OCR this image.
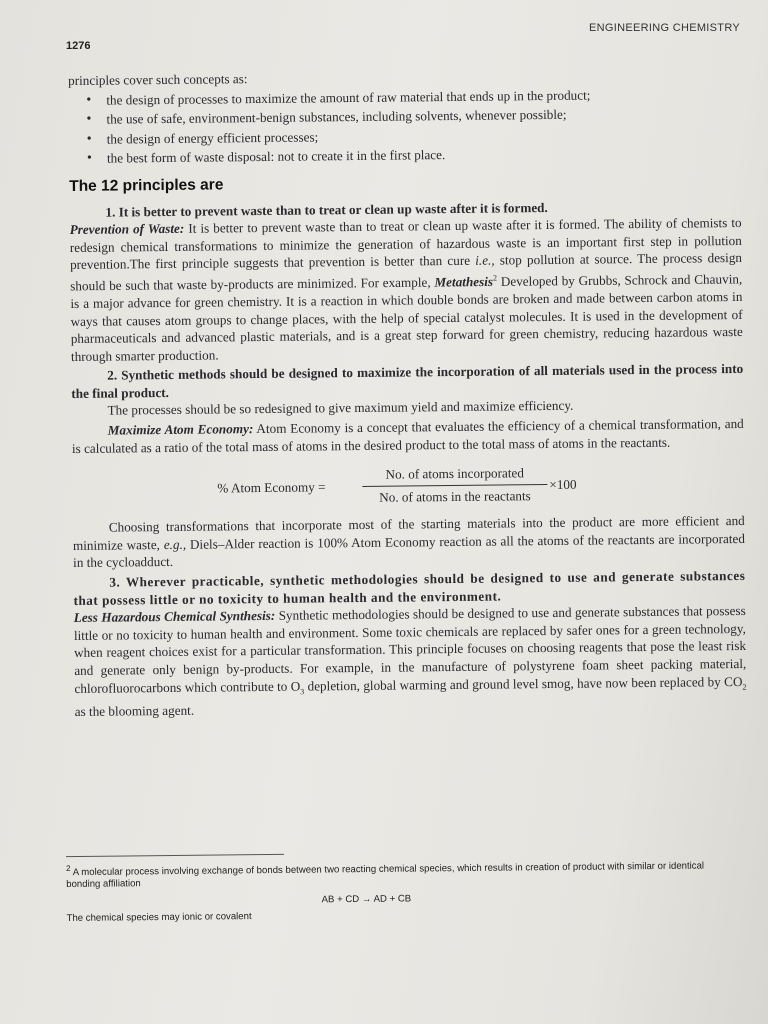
ENGINEERING CHEMISTRY
1276

principles cover such concepts as:

• the design of processes to maximize the amount of raw material that ends up in the product;
• the use of safe, environment-benign substances, including solvents, whenever possible;
• the design of energy efficient processes;
• the best form of waste disposal: not to create it in the first place.
The 12 principles are

1. It is better to prevent waste than to treat or clean up waste after it is formed.

Prevention of Waste: It is better to prevent waste than to treat or clean up waste after it is formed. The ability of chemists to redesign chemical transformations to minimize the generation of hazardous waste is an important first step in pollution prevention.The first principle suggests that prevention is better than cure i.e., stop pollution at source. The process design should be such that waste by-products are minimized. For example, Metathesis$^2$ Developed by Grubbs, Schrock and Chauvin, is a major advance for green chemistry. It is a reaction in which double bonds are broken and made between carbon atoms in ways that causes atom groups to change places, with the help of special catalyst molecules. It is used in the development of pharmaceuticals and advanced plastic materials, and is a great step forward for green chemistry, reducing hazardous waste through smarter production.

2. Synthetic methods should be designed to maximize the incorporation of all materials used in the process into the final product.

The processes should be so redesigned to give maximum yield and maximize efficiency.

Maximize Atom Economy: Atom Economy is a concept that evaluates the efficiency of a chemical transformation, and is calculated as a ratio of the total mass of atoms in the desired product to the total mass of atoms in the reactants.

% Atom Economy =
No. of atoms incorporated
No. of atoms in the reactants
×100

Choosing transformations that incorporate most of the starting materials into the product are more efficient and minimize waste, e.g., Diels–Alder reaction is 100% Atom Economy reaction as all the atoms of the reactants are incorporated in the cycloadduct.

3. Wherever practicable, synthetic methodologies should be designed to use and generate substances that possess little or no toxicity to human health and the environment.

Less Hazardous Chemical Synthesis: Synthetic methodologies should be designed to use and generate substances that possess little or no toxicity to human health and environment. Some toxic chemicals are replaced by safer ones for a green technology, when reagent choices exist for a particular transformation. This principle focuses on choosing reagents that pose the least risk and generate only benign by-products. For example, in the manufacture of polystyrene foam sheet packing material, chlorofluorocarbons which contribute to $O_3$ depletion, global warming and ground level smog, have now been replaced by $CO_2$ as the blooming agent.

$^2$ A molecular process involving exchange of bonds between two reacting chemical species, which results in creation of product with similar or identical bonding affiliation
AB + CD → AD + CB
The chemical species may ionic or covalent
